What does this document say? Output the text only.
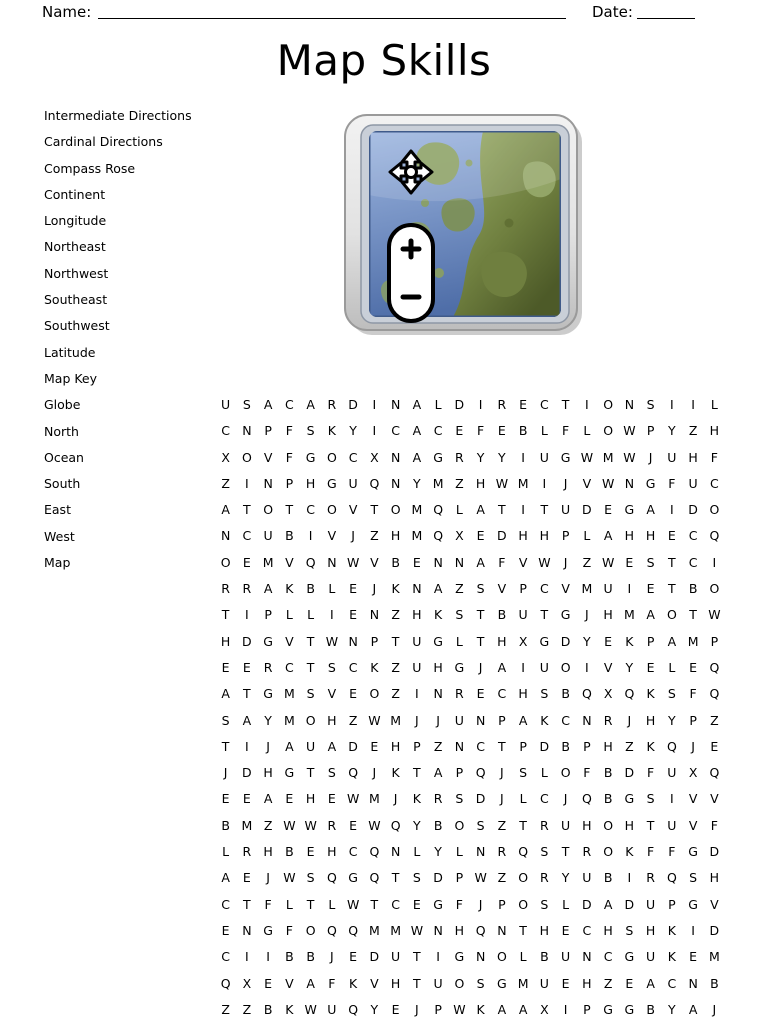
Name:	Date:
Map Skills
Intermediate Directions
Cardinal Directions
Compass Rose
Continent
Longitude
Northeast
Northwest
Southeast
Southwest
Latitude
Map Key
Globe
North
Ocean
South
East
West
Map
U	S	A	C	A	R D	I	N A	L	D	I	R	E	C	T	I	O N	S	I	I	L
C N	P	F	S	K	Y	I	C	A	C	E	F	E	B	L	F	L	O W P	Y	Z H
X O V	F	G O C	X N A G R	Y	Y	I	U G W M W	J	U H	F
Z	I	N	P	H G U Q N	Y M Z H W M	I	J	V W N G	F	U C
A	T	O	T	C O V	T	O M Q	L	A	T	I	T	U D E G A	I	D O
N C U B	I	V	J	Z H M Q X	E D H H	P	L	A H H	E	C Q
O E M V Q N W V	B	E	N N A	F	V W	J	Z W E	S	T	C	I
R	R	A	K	B	L	E	J	K N A	Z	S	V	P	C	V M U	I	E	T	B O
T	I	P	L	L	I	E	N Z H K	S	T	B U	T	G	J	H M A O	T W
H D G V	T W N	P	T	U G	L	T	H X G D	Y	E	K	P	A M P
E	E	R	C	T	S	C	K	Z U H G	J	A	I	U O	I	V	Y	E	L	E Q
A	T	G M S	V	E O Z	I	N R	E	C H	S	B Q X Q K	S	F	Q
S	A	Y M O H Z W M	J	J	U N	P	A	K	C N R	J	H	Y	P	Z
T	I	J	A U A D E	H	P	Z N C	T	P	D B	P	H Z	K Q	J	E
J	D H G	T	S Q	J	K	T	A	P	Q	J	S	L	O	F	B D	F	U X Q
E	E	A	E	H	E W M	J	K	R	S D	J	L	C	J	Q B G S	I	V	V
B M Z W W R	E W Q	Y	B O S	Z	T	R U H O H	T	U V	F
L	R H B	E	H C Q N	L	Y	L	N R Q S	T	R O K	F	F	G D
A	E	J	W S Q G Q	T	S D	P W Z O R	Y	U B	I	R Q S	H
C	T	F	L	T	L W T	C	E G	F	J	P	O S	L	D A D U	P	G V
E	N G	F	O Q Q M M W N H Q N	T	H	E	C H	S	H K	I	D
C	I	I	B	B	J	E D U	T	I	G N O	L	B U N C G U	K	E M
Q X	E	V	A	F	K	V H	T	U O S G M U	E	H Z	E	A	C N B
Z	Z	B	K W U Q	Y	E	J	P W K	A	A	X	I	P	G G B	Y	A	J
